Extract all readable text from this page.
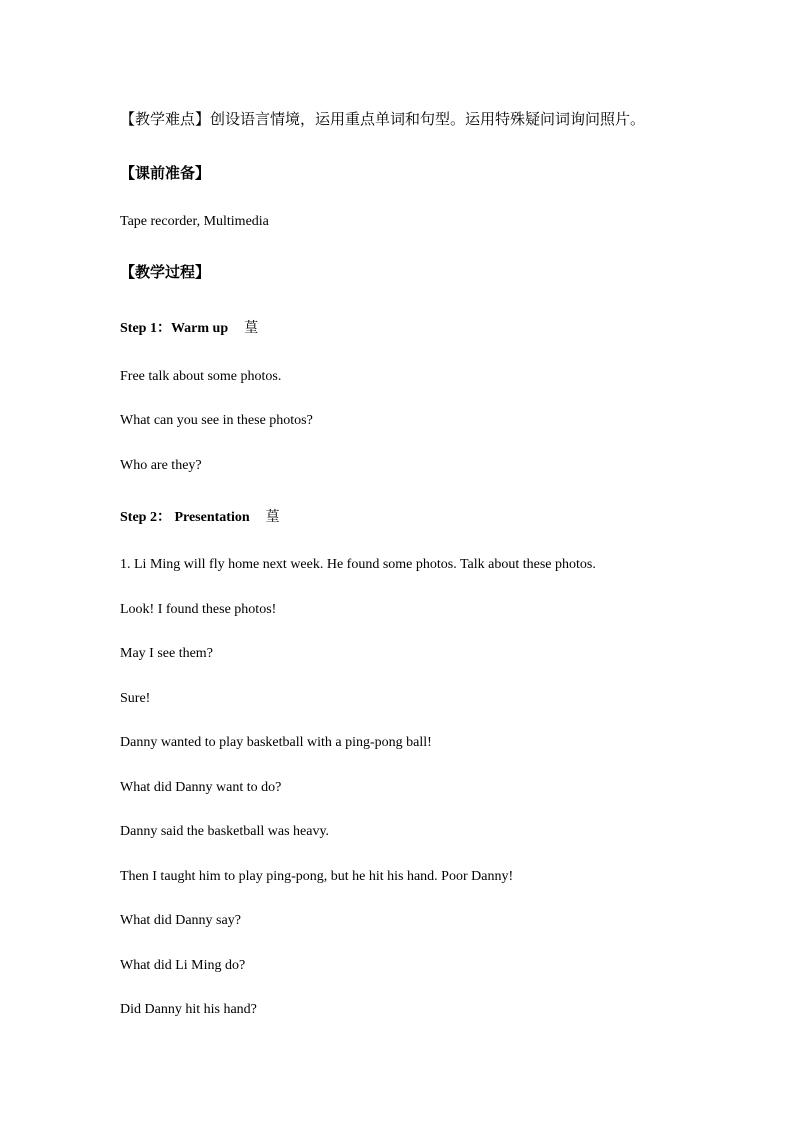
【教学难点】创设语言情境，运用重点单词和句型。运用特殊疑问词询问照片。
【课前准备】
Tape recorder, Multimedia
【教学过程】
Step 1：Warm up 葟
Free talk about some photos.
What can you see in these photos?
Who are they?
Step 2： Presentation 葟
1. Li Ming will fly home next week. He found some photos. Talk about these photos.
Look! I found these photos!
May I see them?
Sure!
Danny wanted to play basketball with a ping-pong ball!
What did Danny want to do?
Danny said the basketball was heavy.
Then I taught him to play ping-pong, but he hit his hand. Poor Danny!
What did Danny say?
What did Li Ming do?
Did Danny hit his hand?
